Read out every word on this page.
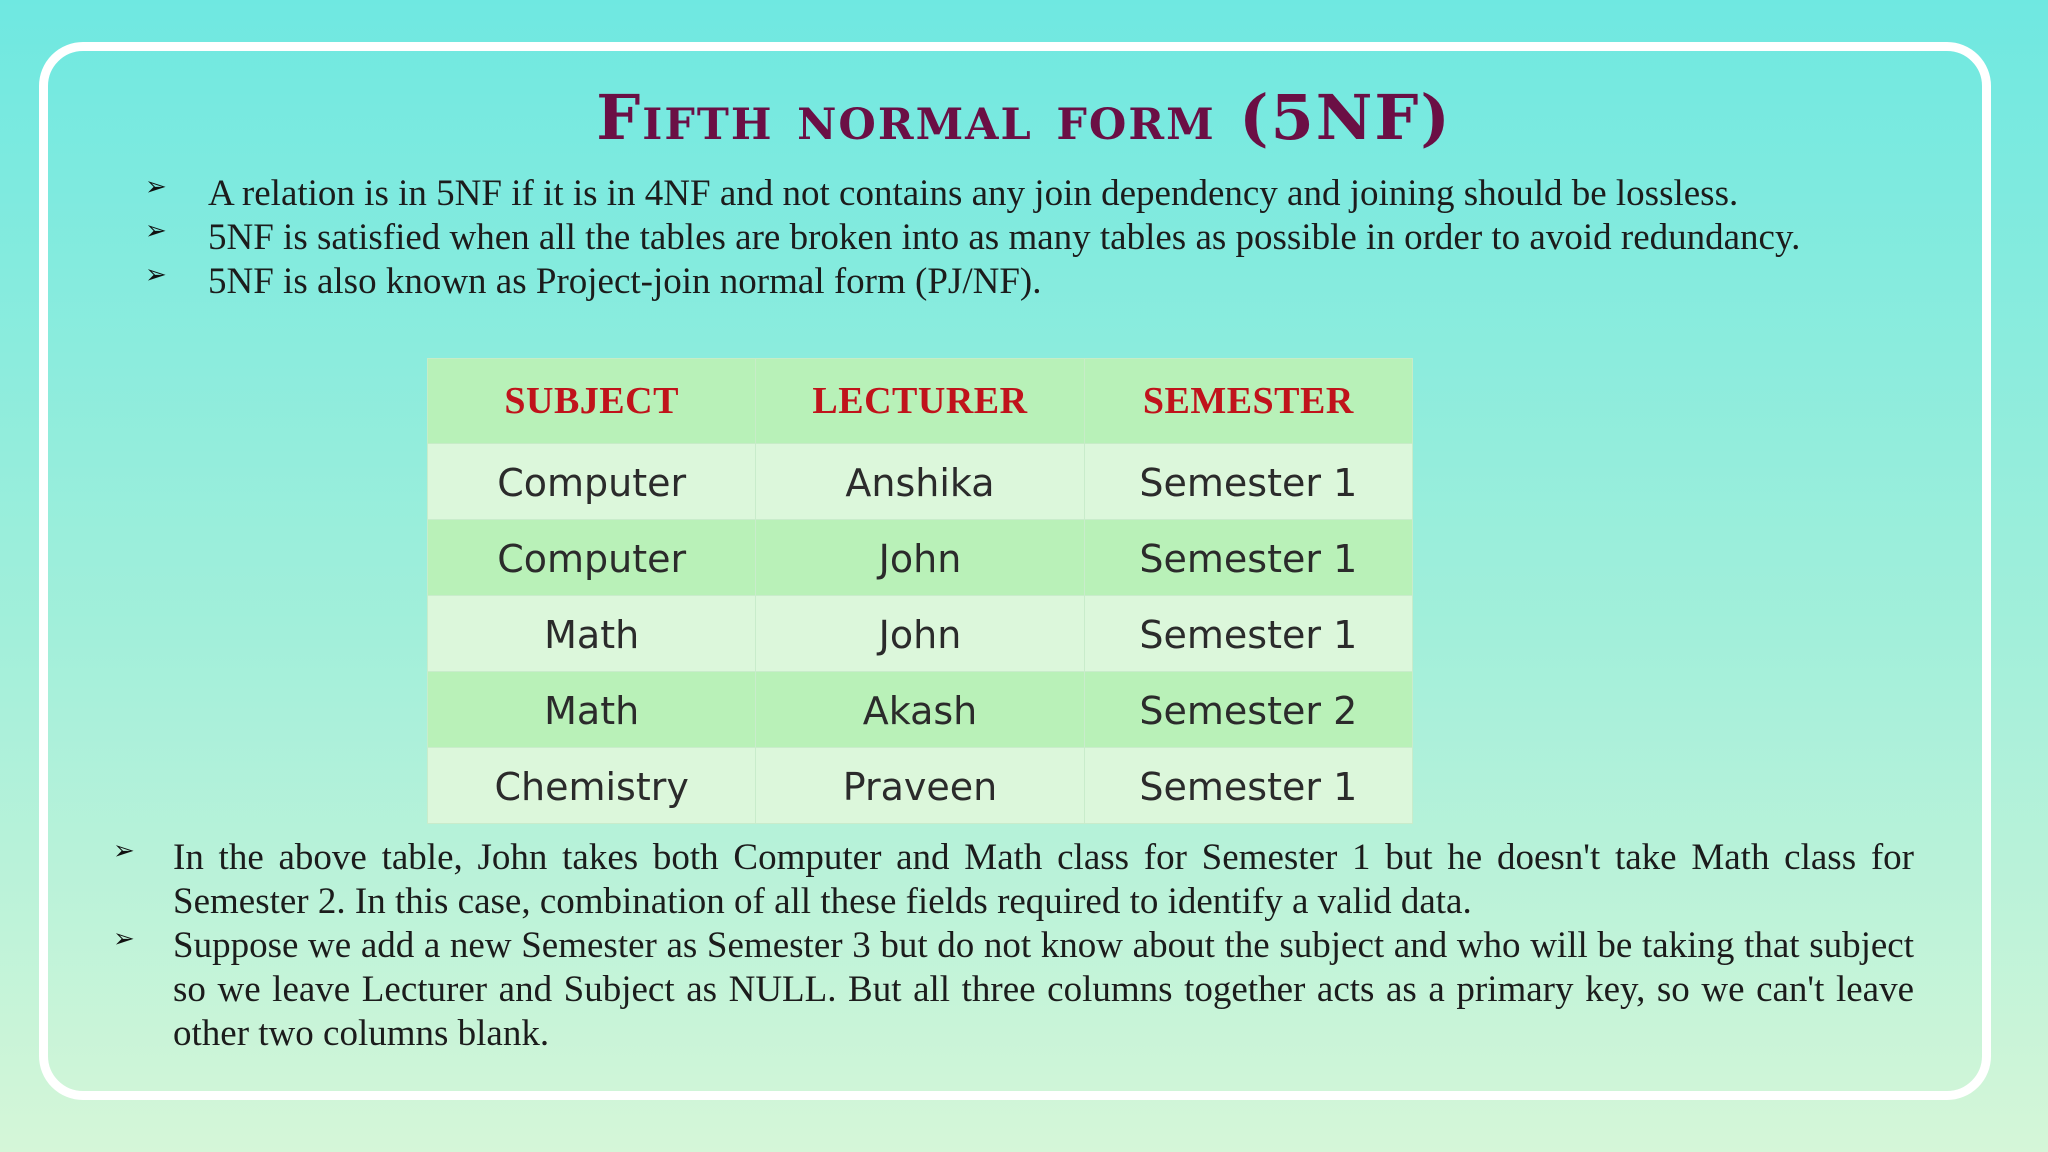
Fifth normal form (5NF)
➢ A relation is in 5NF if it is in 4NF and not contains any join dependency and joining should be lossless.
➢ 5NF is satisfied when all the tables are broken into as many tables as possible in order to avoid redundancy.
➢ 5NF is also known as Project-join normal form (PJ/NF).
SUBJECT	LECTURER	SEMESTER
Computer	Anshika	Semester 1
Computer	John	Semester 1
Math	John	Semester 1
Math	Akash	Semester 2
Chemistry	Praveen	Semester 1
➢ In the above table, John takes both Computer and Math class for Semester 1 but he doesn't take Math class for Semester 2. In this case, combination of all these fields required to identify a valid data.
➢ Suppose we add a new Semester as Semester 3 but do not know about the subject and who will be taking that subject so we leave Lecturer and Subject as NULL. But all three columns together acts as a primary key, so we can't leave other two columns blank.
